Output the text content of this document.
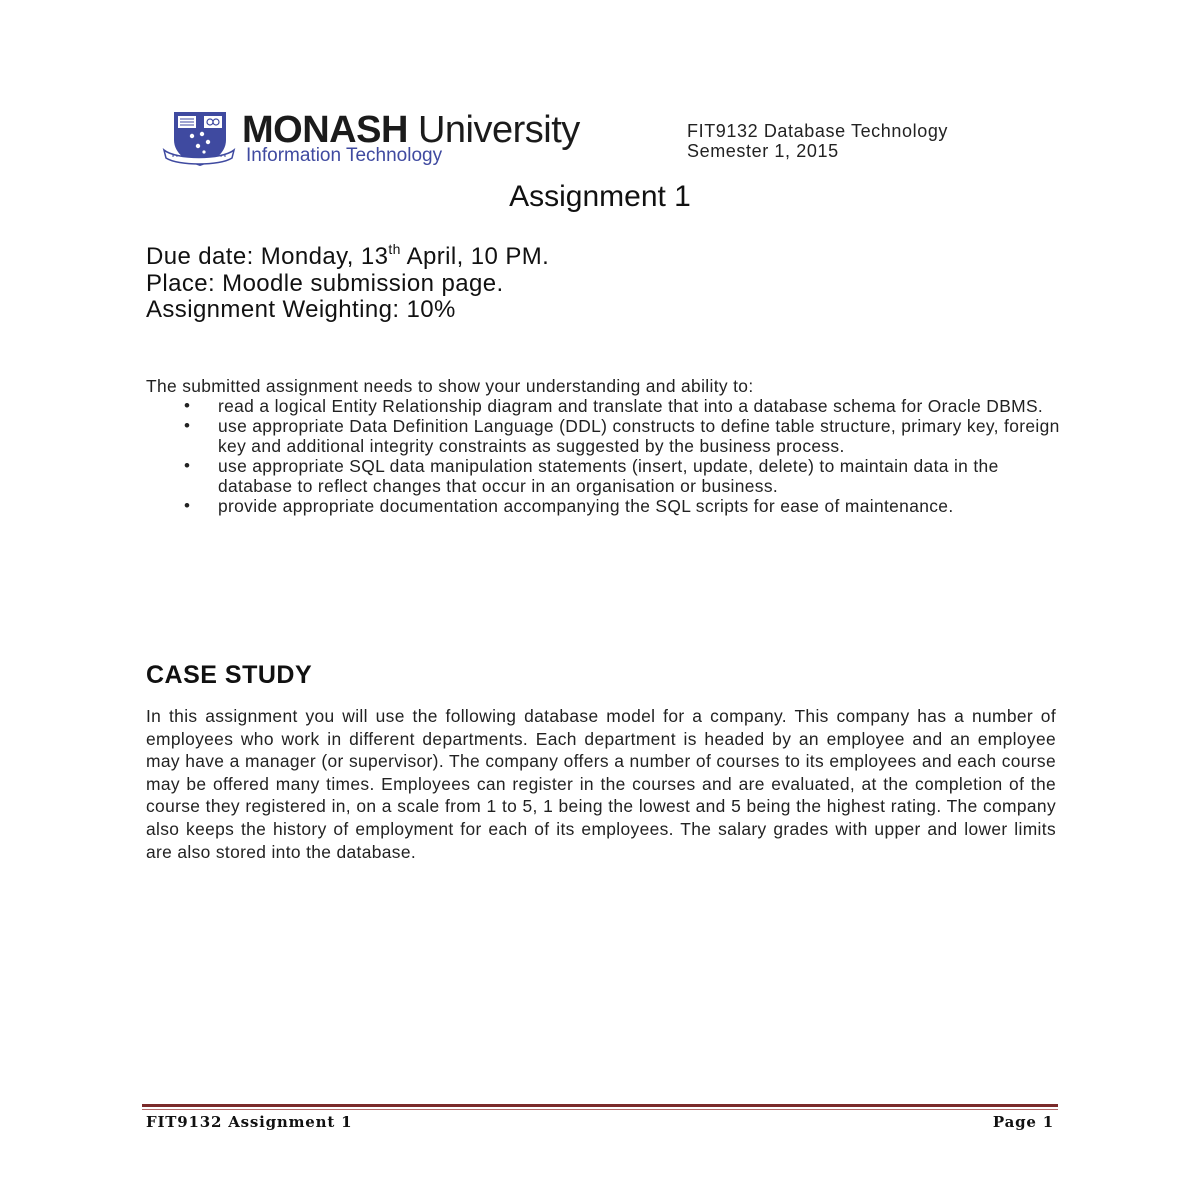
MONASH University
Information Technology
FIT9132 Database Technology
Semester 1, 2015
Assignment 1
Due date: Monday, 13th April, 10 PM.
Place: Moodle submission page.
Assignment Weighting: 10%

The submitted assignment needs to show your understanding and ability to:

• read a logical Entity Relationship diagram and translate that into a database schema for Oracle DBMS.
• use appropriate Data Definition Language (DDL) constructs to define table structure, primary key, foreign key and additional integrity constraints as suggested by the business process.
• use appropriate SQL data manipulation statements (insert, update, delete) to maintain data in the database to reflect changes that occur in an organisation or business.
• provide appropriate documentation accompanying the SQL scripts for ease of maintenance.
CASE STUDY

In this assignment you will use the following database model for a company. This company has a number of employees who work in different departments. Each department is headed by an employee and an employee may have a manager (or supervisor). The company offers a number of courses to its employees and each course may be offered many times. Employees can register in the courses and are evaluated, at the completion of the course they registered in, on a scale from 1 to 5, 1 being the lowest and 5 being the highest rating. The company also keeps the history of employment for each of its employees. The salary grades with upper and lower limits are also stored into the database.

FIT9132 Assignment 1	Page 1
